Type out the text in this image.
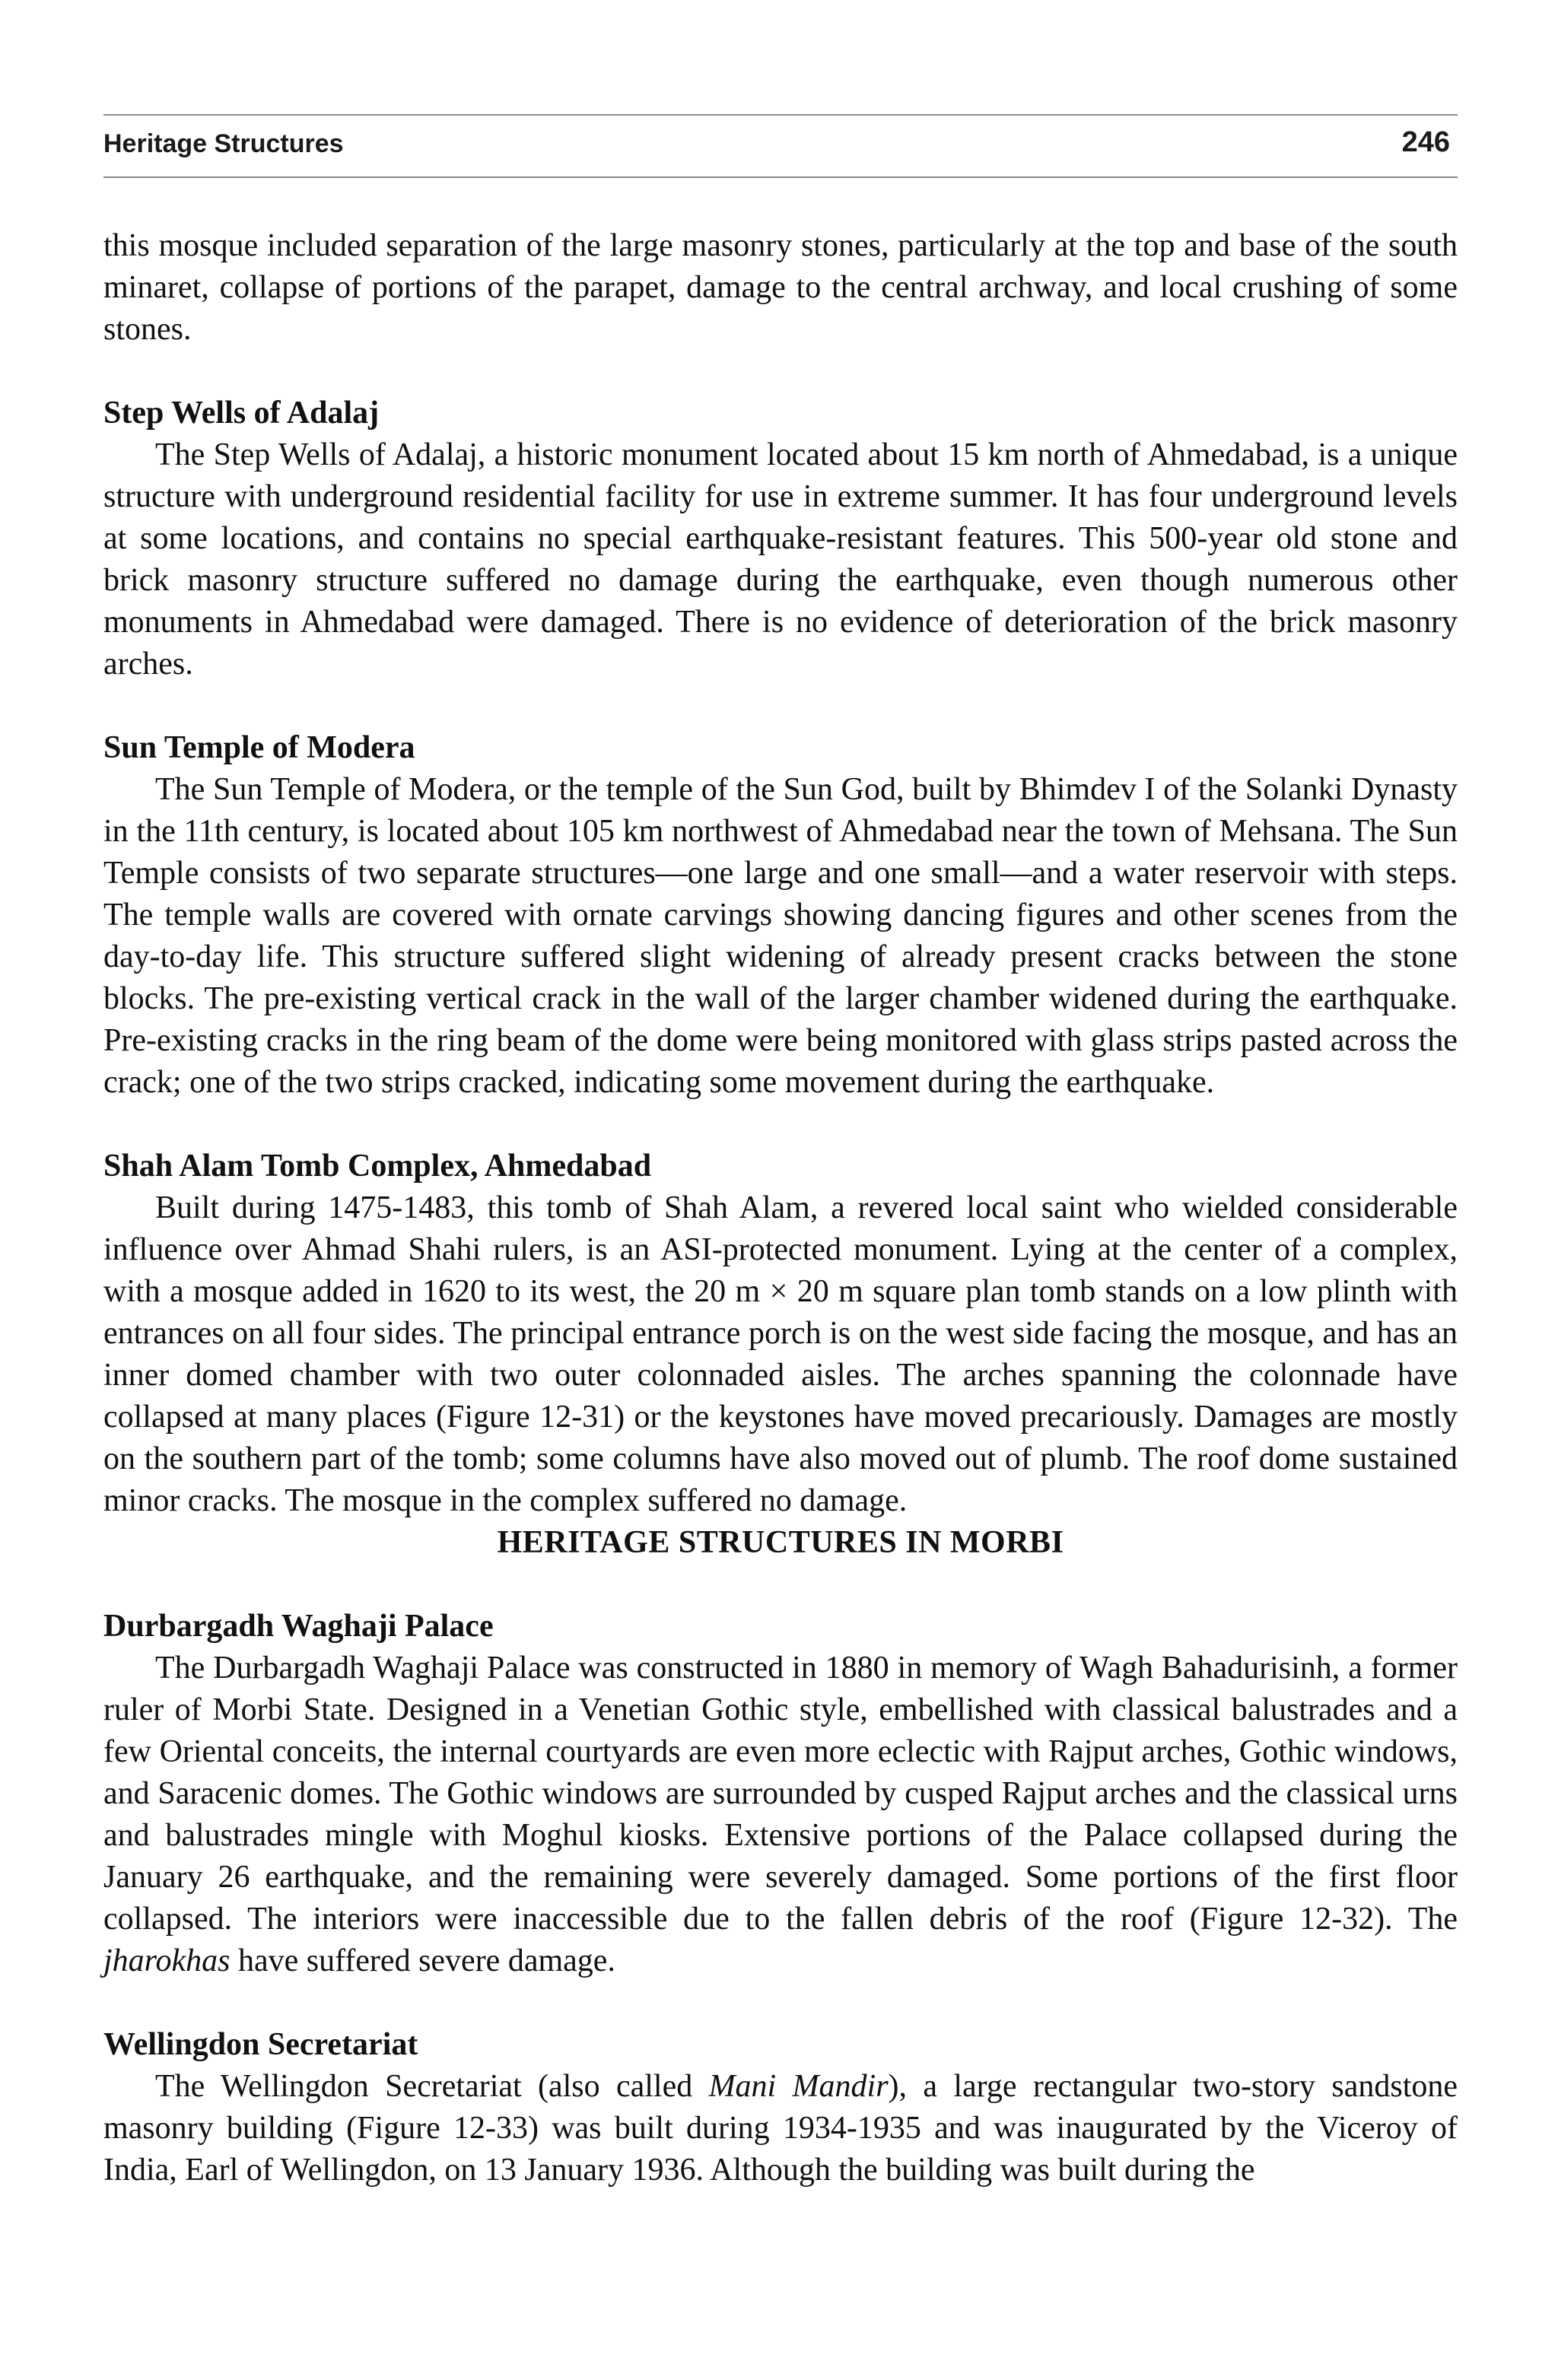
Heritage Structures	246

this mosque included separation of the large masonry stones, particularly at the top and base of the south minaret, collapse of portions of the parapet, damage to the central archway, and local crushing of some stones.

Step Wells of Adalaj

The Step Wells of Adalaj, a historic monument located about 15 km north of Ahmedabad, is a unique structure with underground residential facility for use in extreme summer. It has four underground levels at some locations, and contains no special earthquake-resistant features. This 500-year old stone and brick masonry structure suffered no damage during the earthquake, even though numerous other monuments in Ahmedabad were damaged. There is no evidence of deterioration of the brick masonry arches.

Sun Temple of Modera

The Sun Temple of Modera, or the temple of the Sun God, built by Bhimdev I of the Solanki Dynasty in the 11th century, is located about 105 km northwest of Ahmedabad near the town of Mehsana. The Sun Temple consists of two separate structures—one large and one small—and a water reservoir with steps. The temple walls are covered with ornate carvings showing dancing figures and other scenes from the day-to-day life. This structure suffered slight widening of already present cracks between the stone blocks. The pre-existing vertical crack in the wall of the larger chamber widened during the earthquake. Pre-existing cracks in the ring beam of the dome were being monitored with glass strips pasted across the crack; one of the two strips cracked, indicating some movement during the earthquake.

Shah Alam Tomb Complex, Ahmedabad

Built during 1475-1483, this tomb of Shah Alam, a revered local saint who wielded considerable influence over Ahmad Shahi rulers, is an ASI-protected monument. Lying at the center of a complex, with a mosque added in 1620 to its west, the 20 m × 20 m square plan tomb stands on a low plinth with entrances on all four sides. The principal entrance porch is on the west side facing the mosque, and has an inner domed chamber with two outer colonnaded aisles. The arches spanning the colonnade have collapsed at many places (Figure 12-31) or the keystones have moved precariously. Damages are mostly on the southern part of the tomb; some columns have also moved out of plumb. The roof dome sustained minor cracks. The mosque in the complex suffered no damage.

HERITAGE STRUCTURES IN MORBI

Durbargadh Waghaji Palace

The Durbargadh Waghaji Palace was constructed in 1880 in memory of Wagh Bahadurisinh, a former ruler of Morbi State. Designed in a Venetian Gothic style, embellished with classical balustrades and a few Oriental conceits, the internal courtyards are even more eclectic with Rajput arches, Gothic windows, and Saracenic domes. The Gothic windows are surrounded by cusped Rajput arches and the classical urns and balustrades mingle with Moghul kiosks. Extensive portions of the Palace collapsed during the January 26 earthquake, and the remaining were severely damaged. Some portions of the first floor collapsed. The interiors were inaccessible due to the fallen debris of the roof (Figure 12-32). The jharokhas have suffered severe damage.

Wellingdon Secretariat

The Wellingdon Secretariat (also called Mani Mandir), a large rectangular two-story sandstone masonry building (Figure 12-33) was built during 1934-1935 and was inaugurated by the Viceroy of India, Earl of Wellingdon, on 13 January 1936. Although the building was built during the
